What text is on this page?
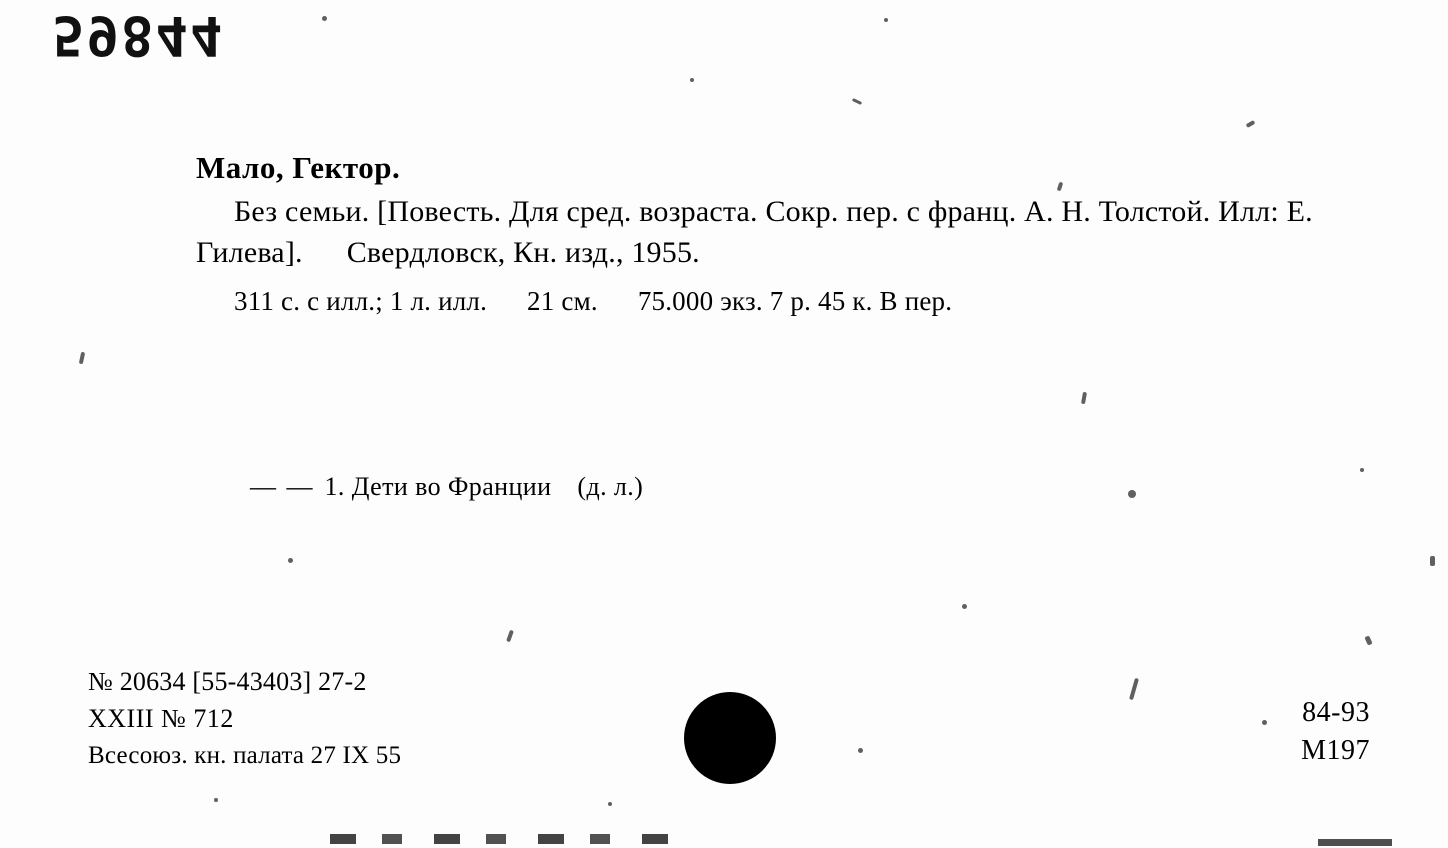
59844
Мало, Гектор.
Без семьи. [Повесть. Для сред. возраста. Сокр. пер. с франц. А. Н. Толстой. Илл: Е. Гилева]. Свердловск, Кн. изд., 1955.
311 с. с илл.; 1 л. илл. 21 см. 75.000 экз. 7 р. 45 к. В пер.
— — 1. Дети во Франции (д. л.)
№ 20634 [55-43403] 27-2
XXIII № 712
Всесоюз. кн. палата 27 IX 55
84-93
М197
